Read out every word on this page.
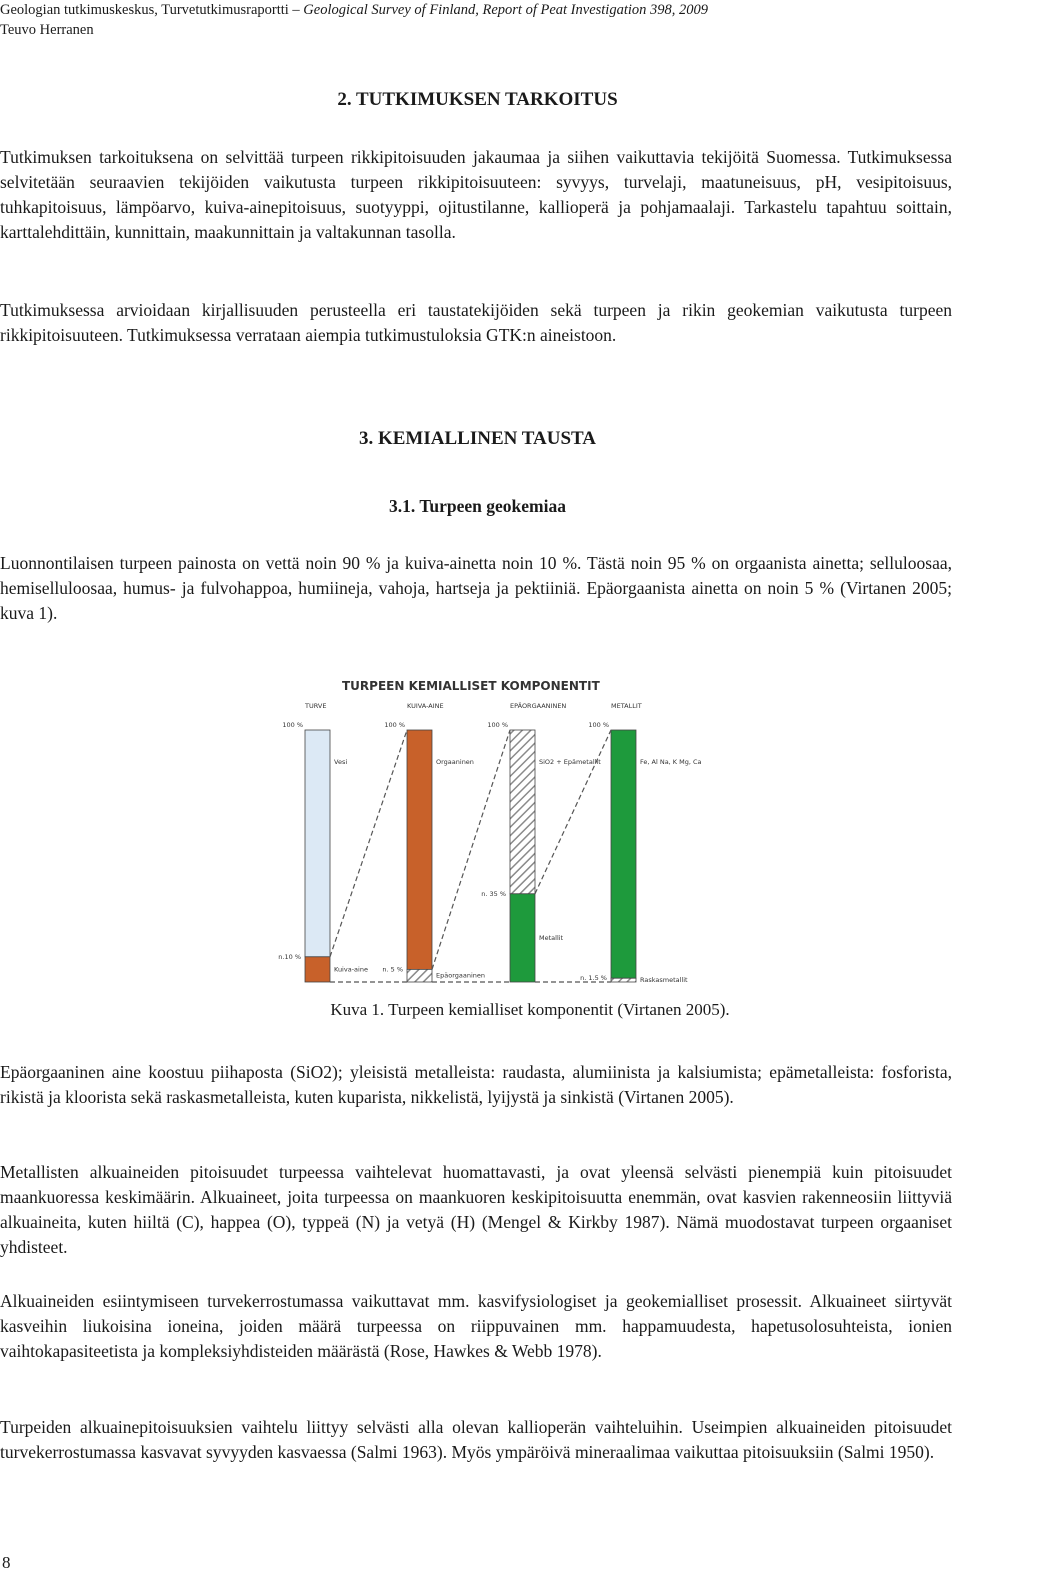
Geologian tutkimuskeskus, Turvetutkimusraportti – Geological Survey of Finland, Report of Peat Investigation 398, 2009
Teuvo Herranen
2. TUTKIMUKSEN TARKOITUS

Tutkimuksen tarkoituksena on selvittää turpeen rikkipitoisuuden jakaumaa ja siihen vaikuttavia tekijöitä Suomessa. Tutkimuksessa selvitetään seuraavien tekijöiden vaikutusta turpeen rikkipitoisuuteen: syvyys, turvelaji, maatuneisuus, pH, vesipitoisuus, tuhkapitoisuus, lämpöarvo, kuiva-ainepitoisuus, suotyyppi, ojitustilanne, kallioperä ja pohjamaalaji. Tarkastelu tapahtuu soittain, karttalehdittäin, kunnittain, maakunnittain ja valtakunnan tasolla.

Tutkimuksessa arvioidaan kirjallisuuden perusteella eri taustatekijöiden sekä turpeen ja rikin geokemian vaikutusta turpeen rikkipitoisuuteen. Tutkimuksessa verrataan aiempia tutkimustuloksia GTK:n aineistoon.

3. KEMIALLINEN TAUSTA
3.1. Turpeen geokemiaa

Luonnontilaisen turpeen painosta on vettä noin 90 % ja kuiva-ainetta noin 10 %. Tästä noin 95 % on orgaanista ainetta; selluloosaa, hemiselluloosaa, humus- ja fulvohappoa, humiineja, vahoja, hartseja ja pektiiniä. Epäorgaanista ainetta on noin 5 % (Virtanen 2005; kuva 1).

TURPEEN KEMIALLISET KOMPONENTIT
Vesi
Kuiva-aine
n.10 %
TURVE
100 %
Orgaaninen
Epäorgaaninen
n. 5 %
KUIVA-AINE
100 %
SiO2 + Epämetallit
Metallit
n. 35 %
EPÄORGAANINEN
100 %
Fe, Al Na, K Mg, Ca
Raskasmetallit
n. 1.5 %
METALLIT
100 %
Kuva 1. Turpeen kemialliset komponentit (Virtanen 2005).

Epäorgaaninen aine koostuu piihaposta (SiO2); yleisistä metalleista: raudasta, alumiinista ja kalsiumista; epämetalleista: fosforista, rikistä ja kloorista sekä raskasmetalleista, kuten kuparista, nikkelistä, lyijystä ja sinkistä (Virtanen 2005).

Metallisten alkuaineiden pitoisuudet turpeessa vaihtelevat huomattavasti, ja ovat yleensä selvästi pienempiä kuin pitoisuudet maankuoressa keskimäärin. Alkuaineet, joita turpeessa on maankuoren keskipitoisuutta enemmän, ovat kasvien rakenneosiin liittyviä alkuaineita, kuten hiiltä (C), happea (O), typpeä (N) ja vetyä (H) (Mengel & Kirkby 1987). Nämä muodostavat turpeen orgaaniset yhdisteet.

Alkuaineiden esiintymiseen turvekerrostumassa vaikuttavat mm. kasvifysiologiset ja geokemialliset prosessit. Alkuaineet siirtyvät kasveihin liukoisina ioneina, joiden määrä turpeessa on riippuvainen mm. happamuudesta, hapetusolosuhteista, ionien vaihtokapasiteetista ja kompleksiyhdisteiden määrästä (Rose, Hawkes & Webb 1978).

Turpeiden alkuainepitoisuuksien vaihtelu liittyy selvästi alla olevan kallioperän vaihteluihin. Useimpien alkuaineiden pitoisuudet turvekerrostumassa kasvavat syvyyden kasvaessa (Salmi 1963). Myös ympäröivä mineraalimaa vaikuttaa pitoisuuksiin (Salmi 1950).

8
